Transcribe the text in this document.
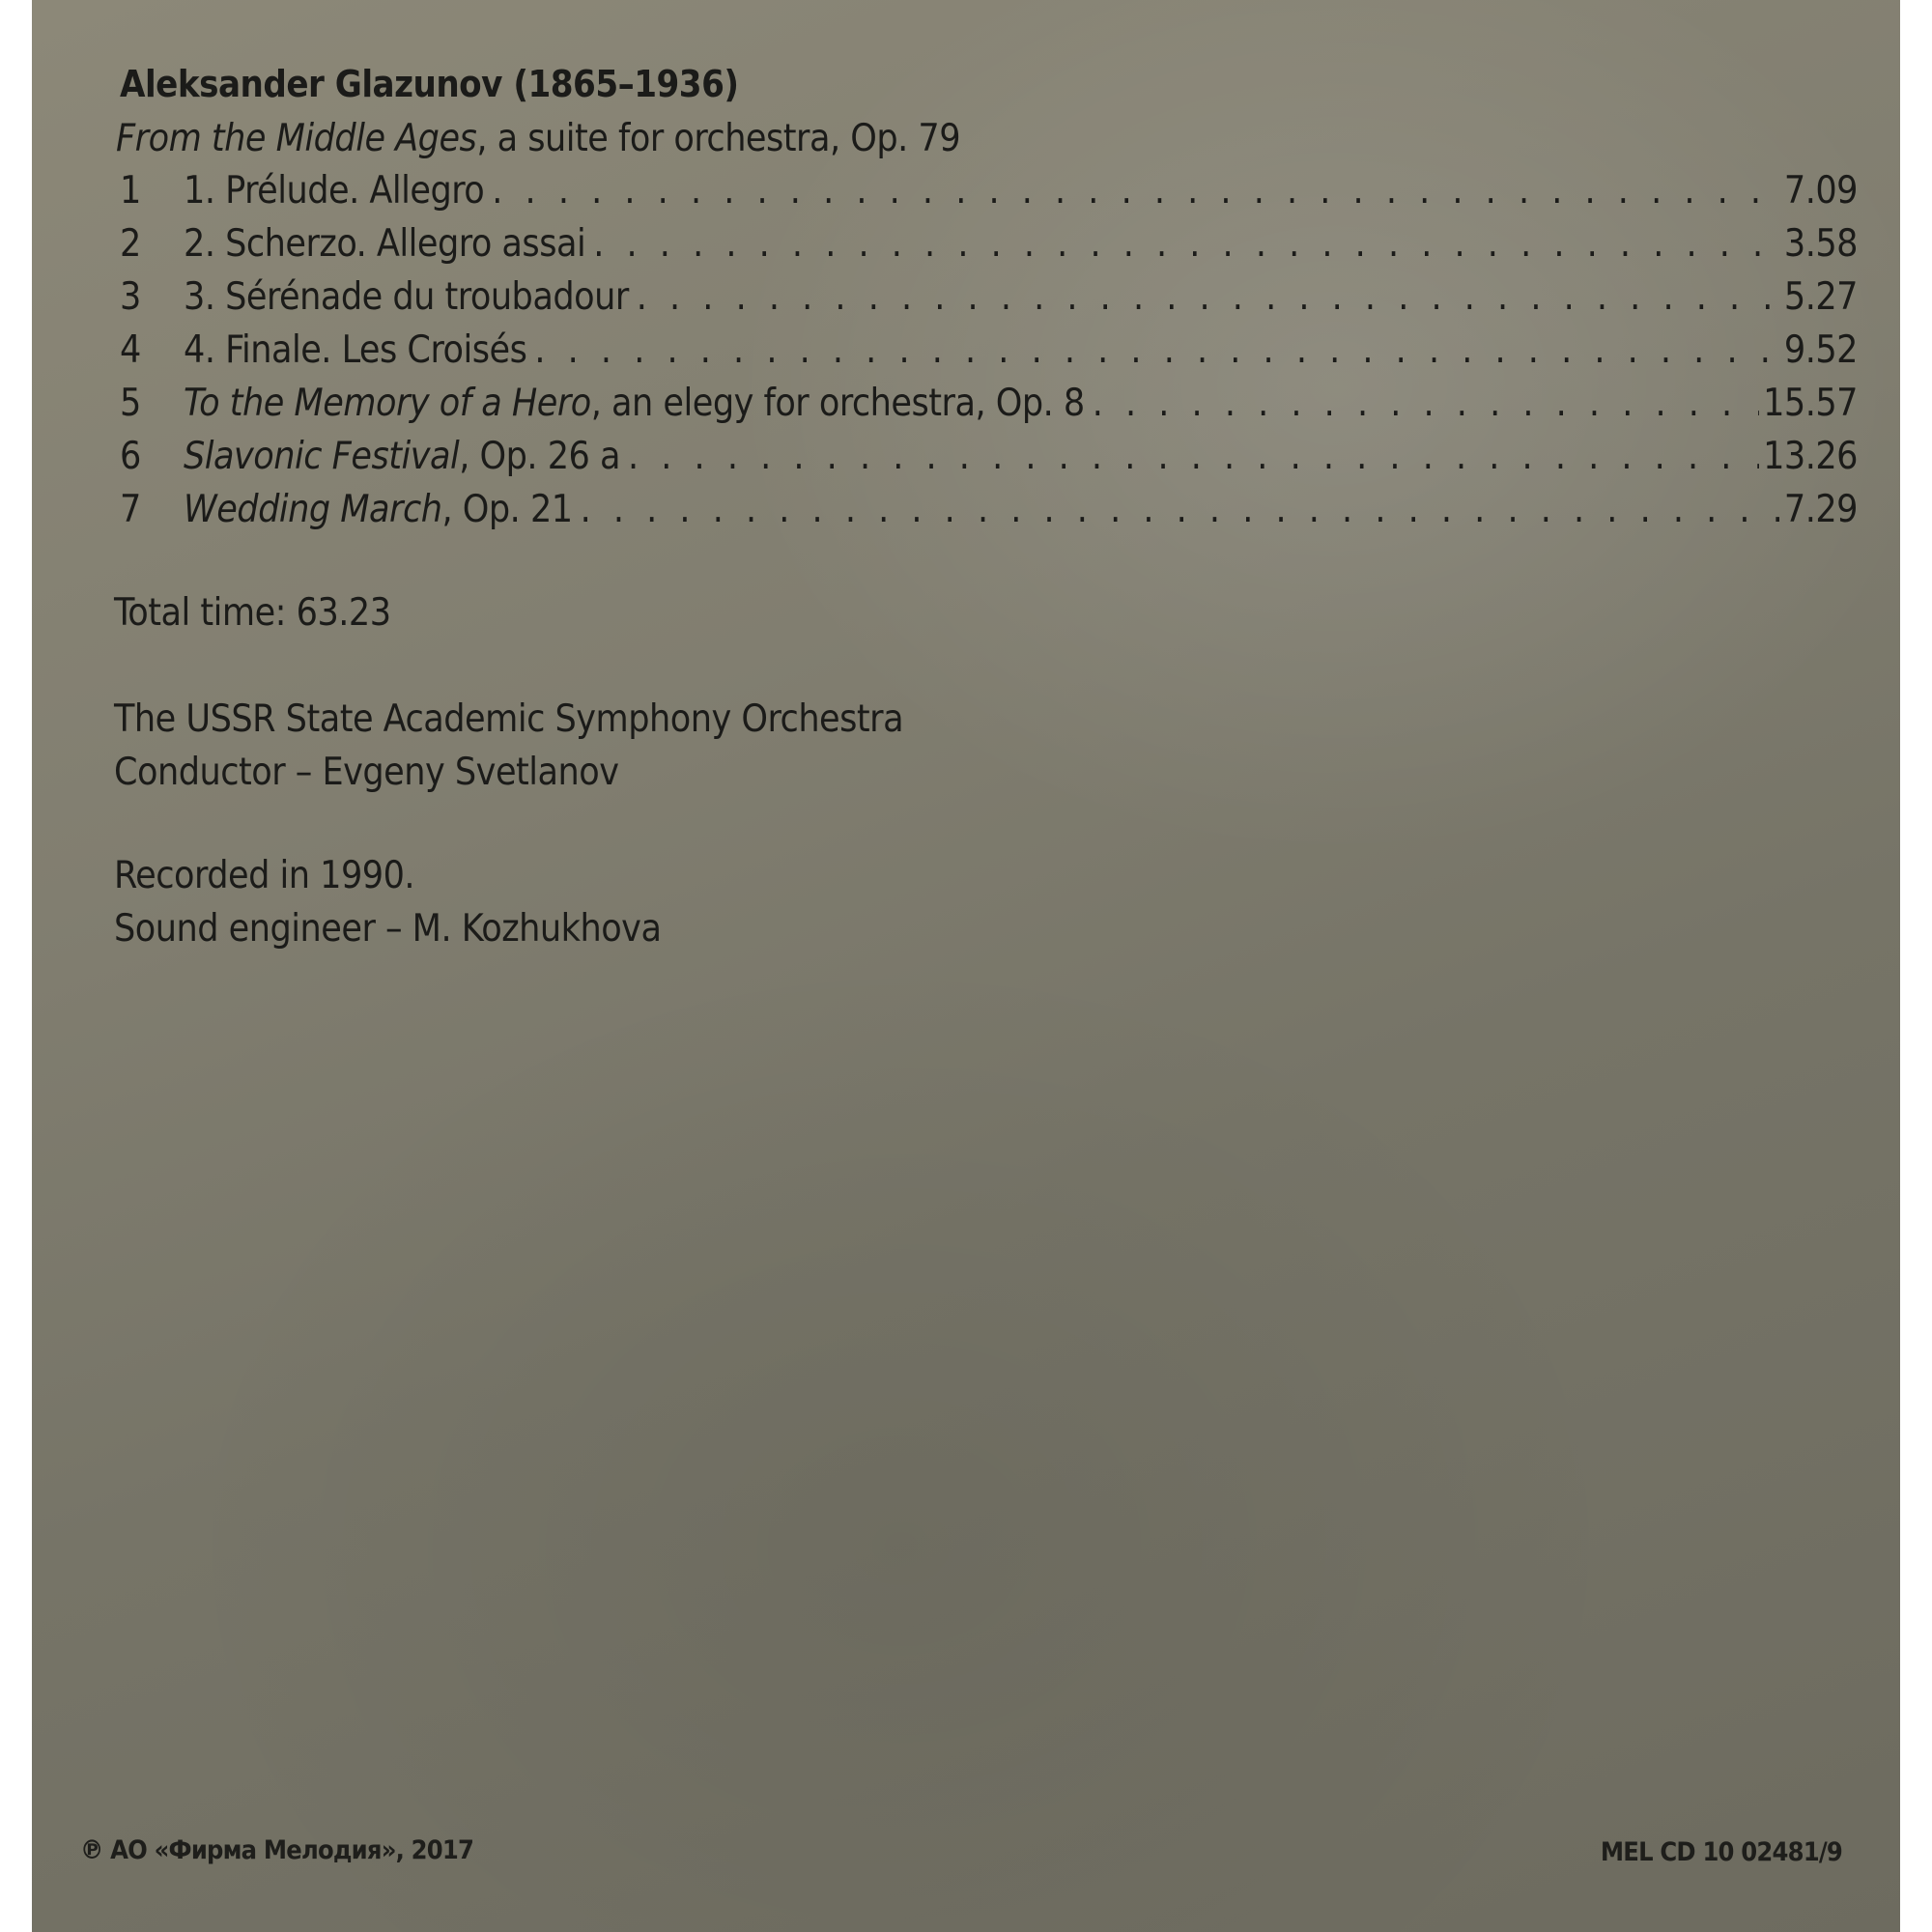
Aleksander Glazunov (1865–1936)
From the Middle Ages, a suite for orchestra, Op. 79
1	1. Prélude. Allegro . . .	7.09
2	2. Scherzo. Allegro assai . . .	3.58
3	3. Sérénade du troubadour . . .	5.27
4	4. Finale. Les Croisés . . .	9.52
5	To the Memory of a Hero, an elegy for orchestra, Op. 8 . . .	15.57
6	Slavonic Festival, Op. 26 a . . .	13.26
7	Wedding March, Op. 21 . . .	7.29
Total time: 63.23
The USSR State Academic Symphony Orchestra
Conductor – Evgeny Svetlanov
Recorded in 1990.
Sound engineer – M. Kozhukhova
℗ АО «Фирма Мелодия», 2017	MEL CD 10 02481/9
